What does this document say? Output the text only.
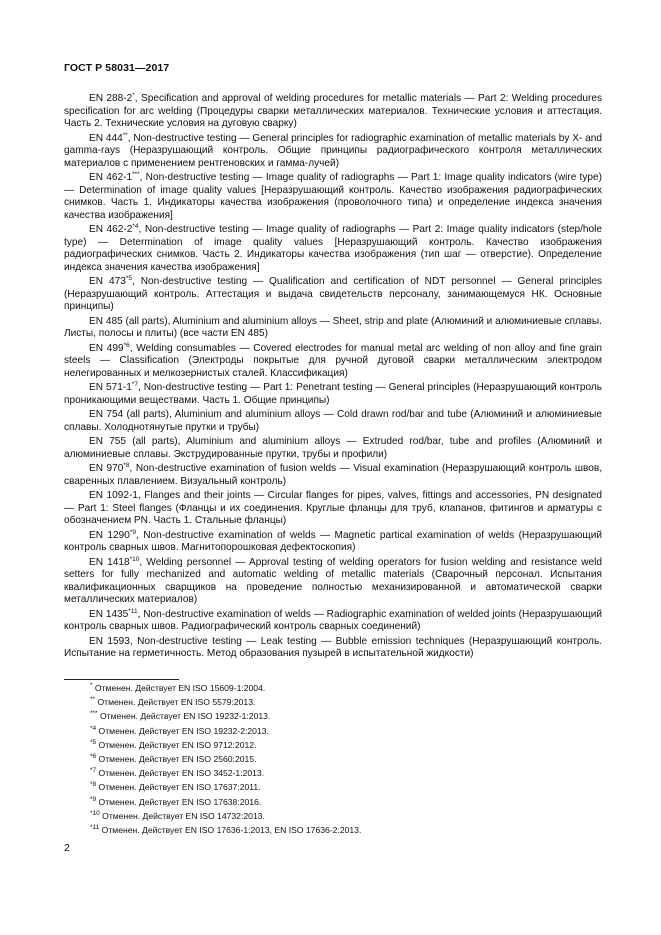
ГОСТ Р 58031—2017

EN 288-2*, Specification and approval of welding procedures for metallic materials — Part 2: Welding procedures specification for arc welding (Процедуры сварки металлических материалов. Технические условия и аттестация. Часть 2. Технические условия на дуговую сварку)

EN 444**, Non-destructive testing — General principles for radiographic examination of metallic materials by X- and gamma-rays (Неразрушающий контроль. Общие принципы радиографического контроля металлических материалов с применением рентгеновских и гамма-лучей)

EN 462-1***, Non-destructive testing — Image quality of radiographs — Part 1: Image quality indicators (wire type) — Determination of image quality values [Неразрушающий контроль. Качество изображения радиографических снимков. Часть 1. Индикаторы качества изображения (проволочного типа) и определение индекса значения качества изображения]

EN 462-2$^{*4}$, Non-destructive testing — Image quality of radiographs — Part 2: Image quality indicators (step/hole type) — Determination of image quality values [Неразрушающий контроль. Качество изображения радиографических снимков. Часть 2. Индикаторы качества изображения (тип шаг — отверстие). Определение индекса значения качества изображения]

EN 473$^{*5}$, Non-destructive testing — Qualification and certification of NDT personnel — General principles (Неразрушающий контроль. Аттестация и выдача свидетельств персоналу, занимающемуся НК. Основные принципы)

EN 485 (all parts), Aluminium and aluminium alloys — Sheet, strip and plate (Алюминий и алюминиевые сплавы. Листы, полосы и плиты) (все части EN 485)

EN 499$^{*6}$, Welding consumables — Covered electrodes for manual metal arc welding of non alloy and fine grain steels — Classification (Электроды покрытые для ручной дуговой сварки металлическим электродом нелегированных и мелкозернистых сталей. Классификация)

EN 571-1$^{*7}$, Non-destructive testing — Part 1: Penetrant testing — General principles (Неразрушающий контроль проникающими веществами. Часть 1. Общие принципы)

EN 754 (all parts), Aluminium and aluminium alloys — Cold drawn rod/bar and tube (Алюминий и алюминиевые сплавы. Холоднотянутые прутки и трубы)

EN 755 (all parts), Aluminium and aluminium alloys — Extruded rod/bar, tube and profiles (Алюминий и алюминиевые сплавы. Экструдированные прутки, трубы и профили)

EN 970$^{*8}$, Non-destructive examination of fusion welds — Visual examination (Неразрушающий контроль швов, сваренных плавлением. Визуальный контроль)

EN 1092-1, Flanges and their joints — Circular flanges for pipes, valves, fittings and accessories, PN designated — Part 1: Steel flanges (Фланцы и их соединения. Круглые фланцы для труб, клапанов, фитингов и арматуры с обозначением PN. Часть 1. Стальные фланцы)

EN 1290$^{*9}$, Non-destructive examination of welds — Magnetic partical examination of welds (Неразрушающий контроль сварных швов. Магнитопорошковая дефектоскопия)

EN 1418$^{*10}$, Welding personnel — Approval testing of welding operators for fusion welding and resistance weld setters for fully mechanized and automatic welding of metallic materials (Сварочный персонал. Испытания квалификационных сварщиков на проведение полностью механизированной и автоматической сварки металлических материалов)

EN 1435$^{*11}$, Non-destructive examination of welds — Radiographic examination of welded joints (Неразрушающий контроль сварных швов. Радиографический контроль сварных соединений)

EN 1593, Non-destructive testing — Leak testing — Bubble emission techniques (Неразрушающий контроль. Испытание на герметичность. Метод образования пузырей в испытательной жидкости)

* Отменен. Действует EN ISO 15609-1:2004.
** Отменен. Действует EN ISO 5579:2013.
*** Отменен. Действует EN ISO 19232-1:2013.
$^{*4}$ Отменен. Действует EN ISO 19232-2:2013.
$^{*5}$ Отменен. Действует EN ISO 9712:2012.
$^{*6}$ Отменен. Действует EN ISO 2560:2015.
$^{*7}$ Отменен. Действует EN ISO 3452-1:2013.
$^{*8}$ Отменен. Действует EN ISO 17637:2011.
$^{*9}$ Отменен. Действует EN ISO 17638:2016.
$^{*10}$ Отменен. Действует EN ISO 14732:2013.
$^{*11}$ Отменен. Действует EN ISO 17636-1:2013, EN ISO 17636-2:2013.
2
